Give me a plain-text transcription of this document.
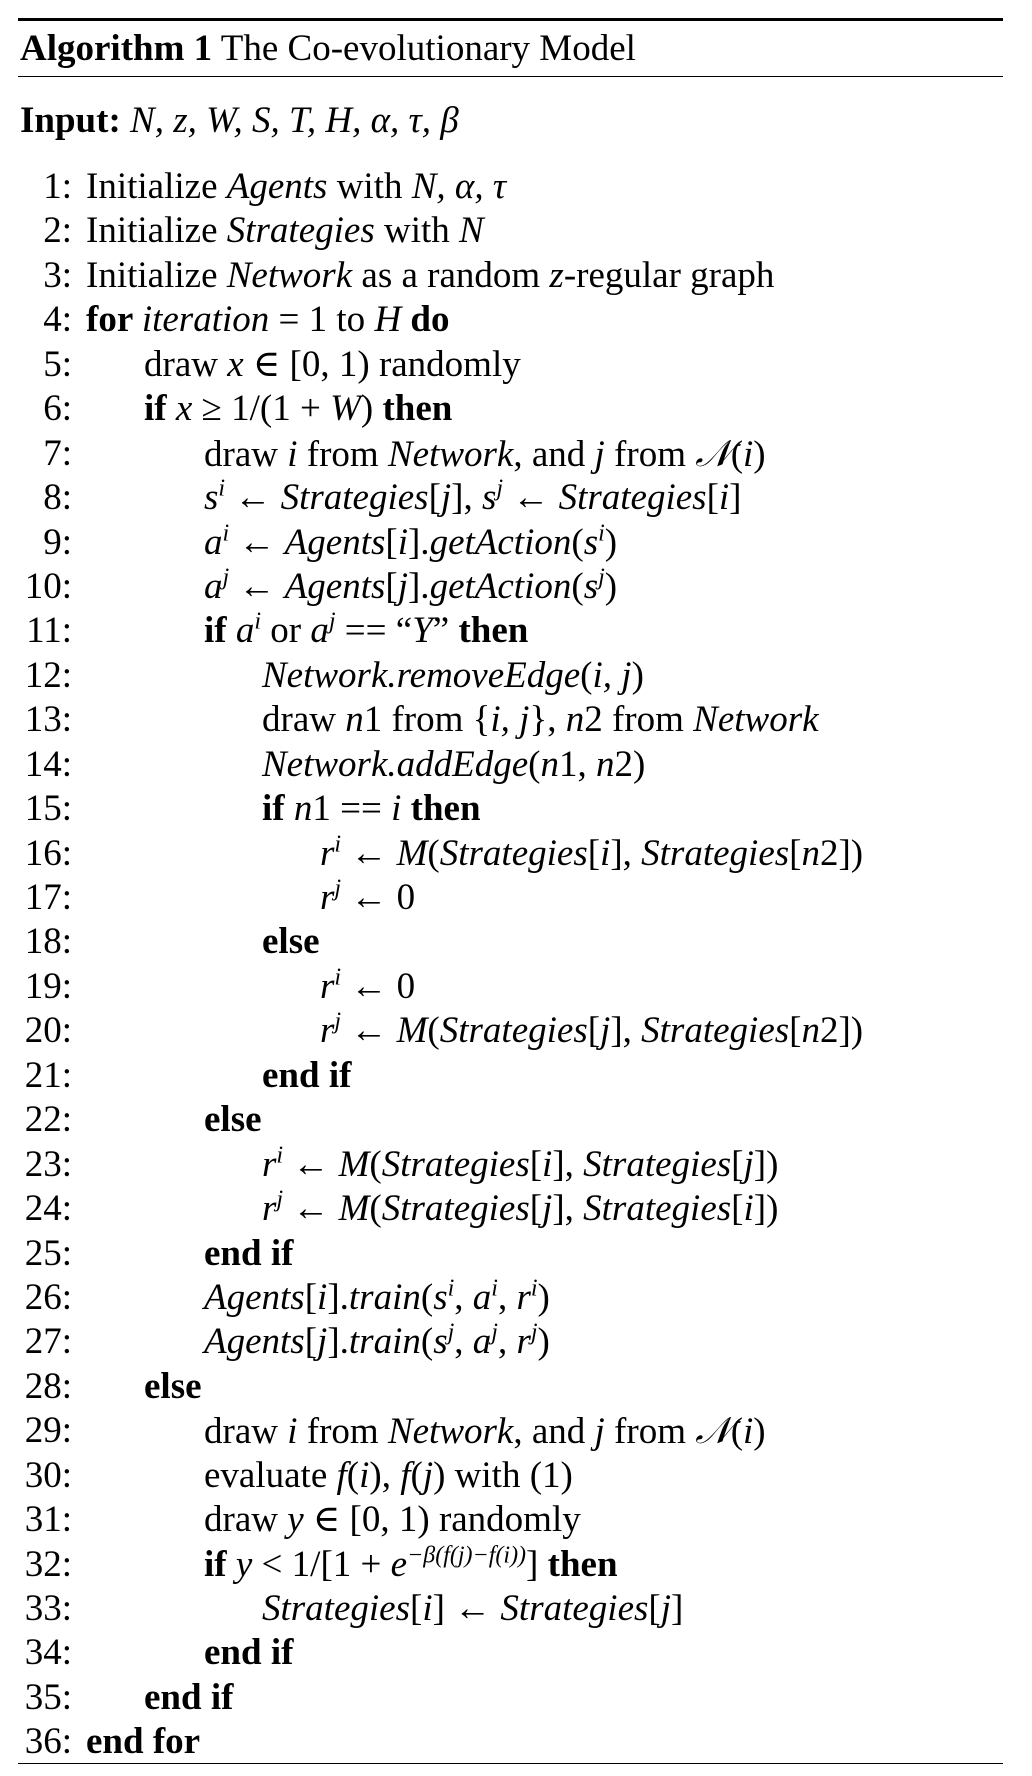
Algorithm 1 The Co-evolutionary Model
Input: N, z, W, S, T, H, α, τ, β
1: Initialize Agents with N, α, τ
2: Initialize Strategies with N
3: Initialize Network as a random z-regular graph
4: for iteration = 1 to H do
5: draw x ∈ [0, 1) randomly
6: if x ≥ 1/(1 + W) then
7:	draw i from Network, and j from 𝒩(i)
8:	$s^i$ ← Strategies[j], $s^j$ ← Strategies[i]
9:	$a^i$ ← $Agents[i].getAction(s^i)$
10:	$a^j$ ← $Agents[j].getAction(s^j)$
11:	if $a^i$ or $a^j$ == “Y” then
12:	Network.removeEdge(i, j)
13:	draw n1 from {i, j}, n2 from Network
14:	Network.addEdge(n1, n2)
15:	if n1 == i then
16:	$r^i$ ← M(Strategies[i], Strategies[n2])
17:	$r^j$ ← 0
18:	else
19:	$r^i$ ← 0
20:	$r^j$ ← M(Strategies[j], Strategies[n2])
21:	end if
22:	else
23:	$r^i$ ← M(Strategies[i], Strategies[j])
24:	$r^j$ ← M(Strategies[j], Strategies[i])
25:	end if
26:	$Agents[i].train(s^i$, $a^i$, $r^i$)
27:	$Agents[j].train(s^j$, $a^j$, $r^j$)
28: else
29:	draw i from Network, and j from 𝒩(i)
30:	evaluate f(i), f(j) with (1)
31:	draw y ∈ [0, 1) randomly
32:	if $y < 1/[1 + e^{-\beta(f(j)-f(i))}]$ then
33:	Strategies[i] ← Strategies[j]
34:	end if
35: end if
36: end for
